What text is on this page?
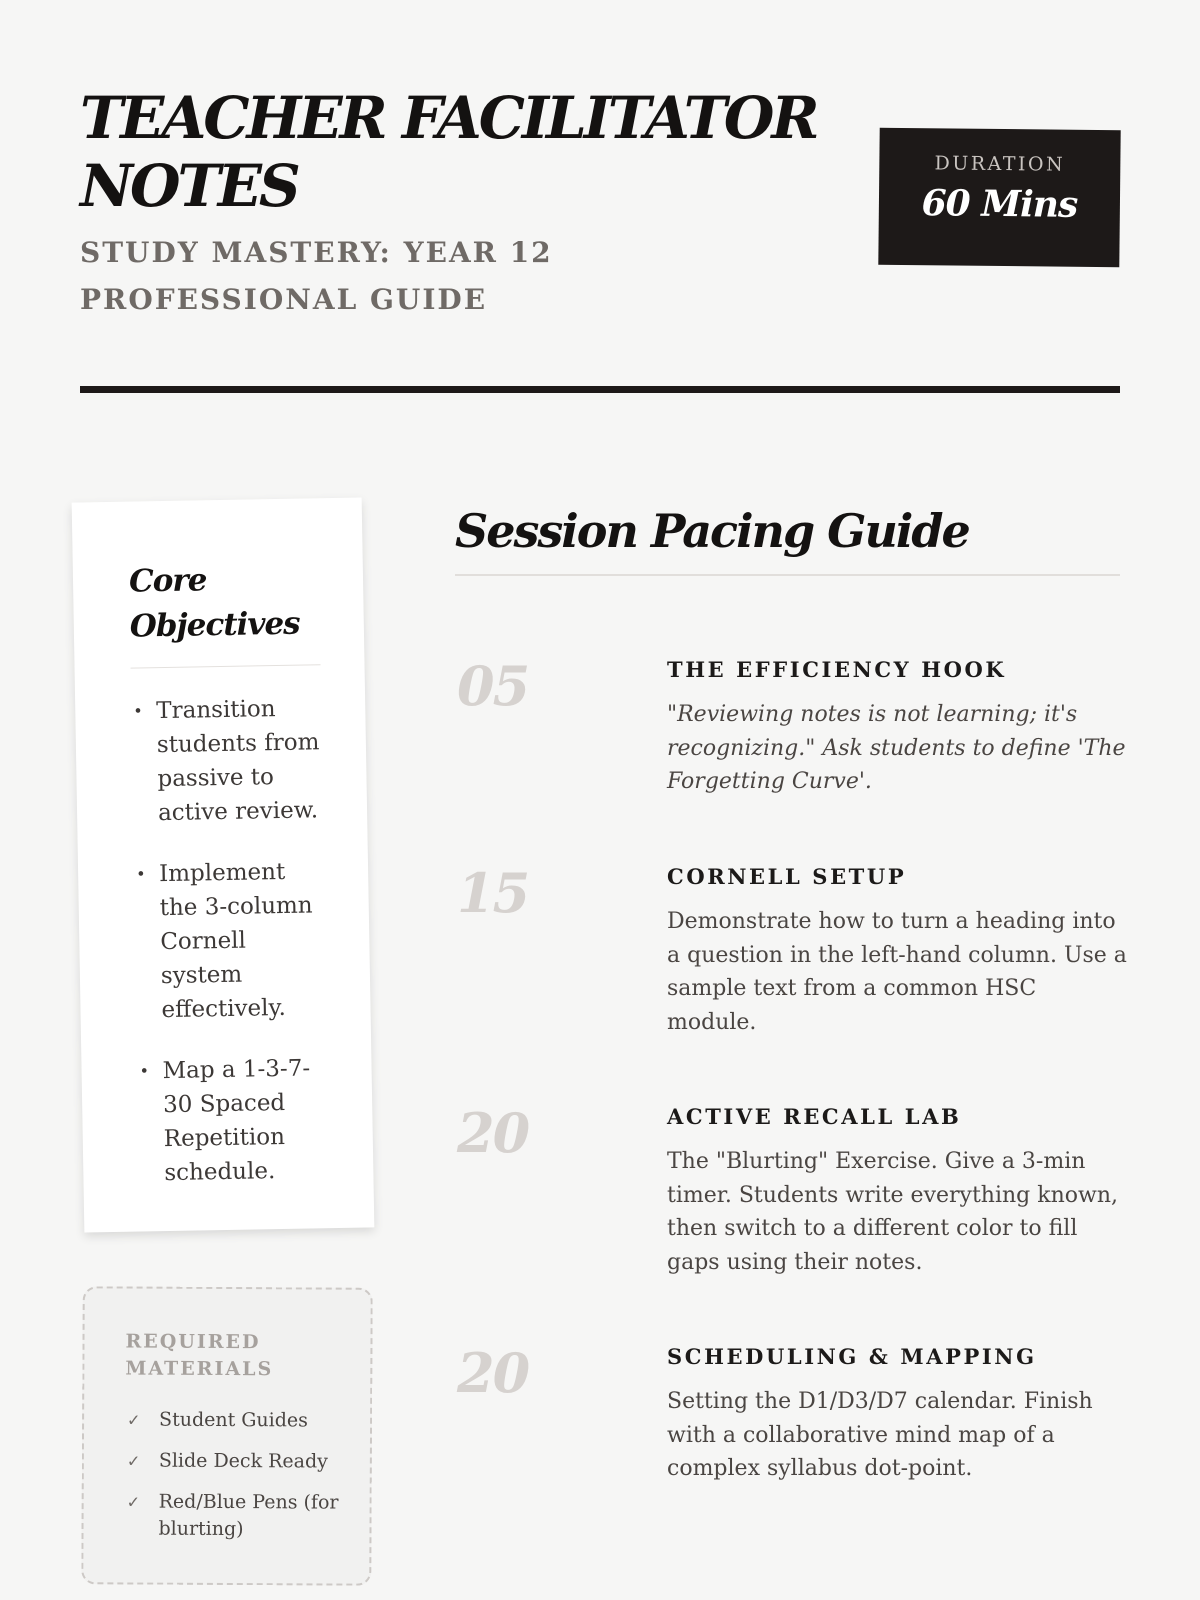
TEACHER FACILITATOR NOTES
STUDY MASTERY: YEAR 12 PROFESSIONAL GUIDE
DURATION
60 Mins
Core Objectives
• Transition students from passive to active review.
• Implement the 3-column Cornell system effectively.
• Map a 1-3-7-30 Spaced Repetition schedule.
REQUIRED MATERIALS
✓ Student Guides
✓ Slide Deck Ready
✓ Red/Blue Pens (for blurting)
Session Pacing Guide
05	THE EFFICIENCY HOOK

"Reviewing notes is not learning; it's recognizing." Ask students to define 'The Forgetting Curve'.

15	CORNELL SETUP

Demonstrate how to turn a heading into a question in the left-hand column. Use a sample text from a common HSC module.

20	ACTIVE RECALL LAB

The "Blurting" Exercise. Give a 3-min timer. Students write everything known, then switch to a different color to fill gaps using their notes.

20	SCHEDULING & MAPPING

Setting the D1/D3/D7 calendar. Finish with a collaborative mind map of a complex syllabus dot-point.
